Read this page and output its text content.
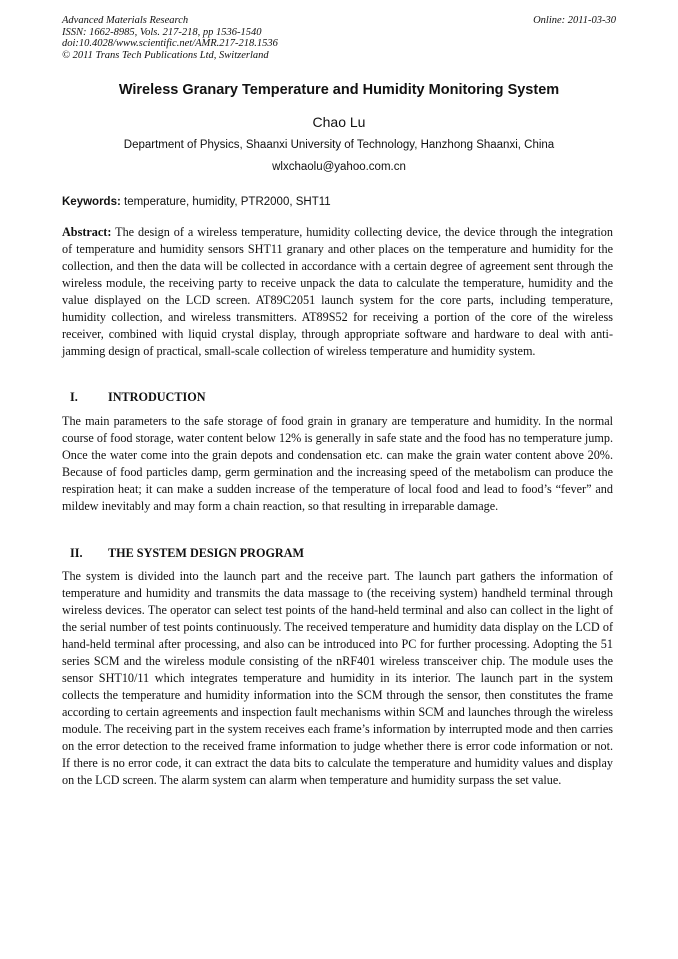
Advanced Materials Research
ISSN: 1662-8985, Vols. 217-218, pp 1536-1540
doi:10.4028/www.scientific.net/AMR.217-218.1536
© 2011 Trans Tech Publications Ltd, Switzerland
Online: 2011-03-30
Wireless Granary Temperature and Humidity Monitoring System
Chao Lu
Department of Physics, Shaanxi University of Technology, Hanzhong Shaanxi, China
wlxchaolu@yahoo.com.cn
Keywords: temperature, humidity, PTR2000, SHT11

Abstract: The design of a wireless temperature, humidity collecting device, the device through the integration of temperature and humidity sensors SHT11 granary and other places on the temperature and humidity for the collection, and then the data will be collected in accordance with a certain degree of agreement sent through the wireless module, the receiving party to receive unpack the data to calculate the temperature, humidity and the value displayed on the LCD screen. AT89C2051 launch system for the core parts, including temperature, humidity collection, and wireless transmitters. AT89S52 for receiving a portion of the core of the wireless receiver, combined with liquid crystal display, through appropriate software and hardware to deal with anti-jamming design of practical, small-scale collection of wireless temperature and humidity system.

I. INTRODUCTION

The main parameters to the safe storage of food grain in granary are temperature and humidity. In the normal course of food storage, water content below 12% is generally in safe state and the food has no temperature jump. Once the water come into the grain depots and condensation etc. can make the grain water content above 20%. Because of food particles damp, germ germination and the increasing speed of the metabolism can produce the respiration heat; it can make a sudden increase of the temperature of local food and lead to food’s “fever” and mildew inevitably and may form a chain reaction, so that resulting in irreparable damage.

II. THE SYSTEM DESIGN PROGRAM

The system is divided into the launch part and the receive part. The launch part gathers the information of temperature and humidity and transmits the data massage to (the receiving system) handheld terminal through wireless devices. The operator can select test points of the hand-held terminal and also can collect in the light of the serial number of test points continuously. The received temperature and humidity data display on the LCD of hand-held terminal after processing, and also can be introduced into PC for further processing. Adopting the 51 series SCM and the wireless module consisting of the nRF401 wireless transceiver chip. The module uses the sensor SHT10/11 which integrates temperature and humidity in its interior. The launch part in the system collects the temperature and humidity information into the SCM through the sensor, then constitutes the frame according to certain agreements and inspection fault mechanisms within SCM and launches through the wireless module. The receiving part in the system receives each frame’s information by interrupted mode and then carries on the error detection to the received frame information to judge whether there is error code information or not. If there is no error code, it can extract the data bits to calculate the temperature and humidity values and display on the LCD screen. The alarm system can alarm when temperature and humidity surpass the set value.
